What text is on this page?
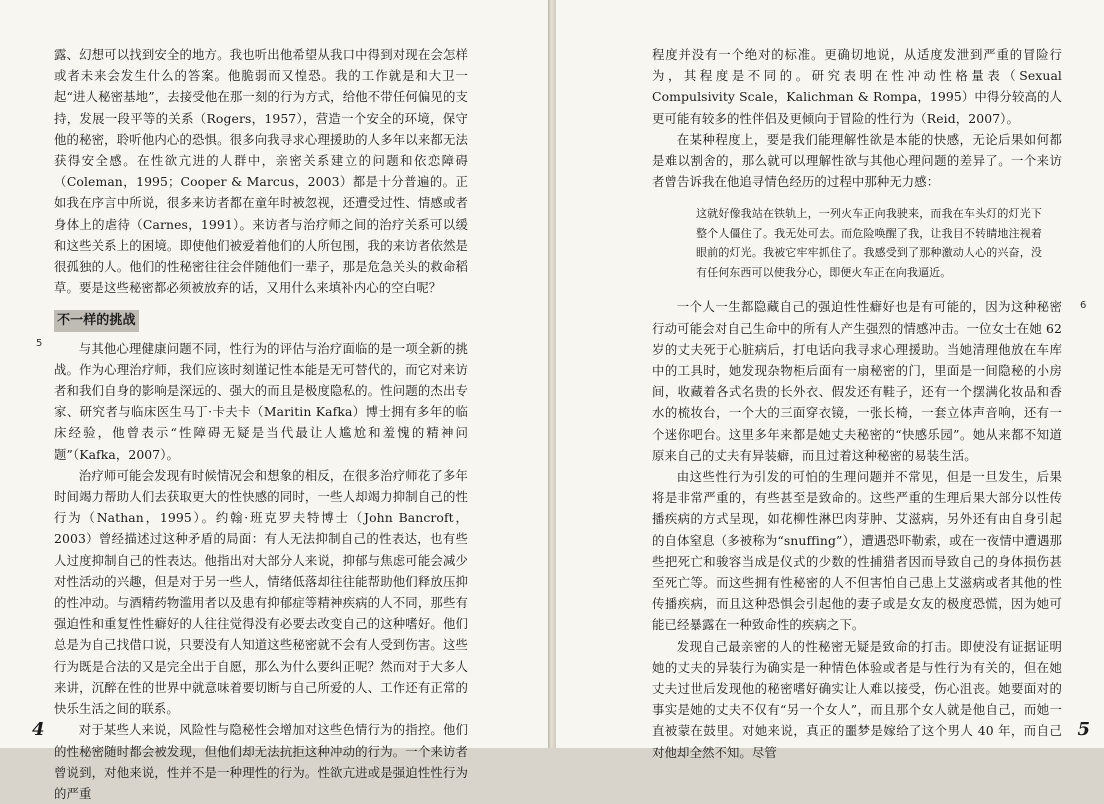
露、幻想可以找到安全的地方。我也听出他希望从我口中得到对现在会怎样或者未来会发生什么的答案。他脆弱而又惶恐。我的工作就是和大卫一起“进人秘密基地”，去接受他在那一刻的行为方式，给他不带任何偏见的支持，发展一段平等的关系（Rogers，1957），营造一个安全的环境，保守他的秘密，聆听他内心的恐惧。很多向我寻求心理援助的人多年以来都无法获得安全感。在性欲亢进的人群中，亲密关系建立的问题和依恋障碍（Coleman，1995；Cooper & Marcus，2003）都是十分普遍的。正如我在序言中所说，很多来访者都在童年时被忽视，还遭受过性、情感或者身体上的虐待（Carnes，1991）。来访者与治疗师之间的治疗关系可以缓和这些关系上的困境。即使他们被爱着他们的人所包围，我的来访者依然是很孤独的人。他们的性秘密往往会伴随他们一辈子，那是危急关头的救命稻草。要是这些秘密都必须被放弃的话，又用什么来填补内心的空白呢？

不一样的挑战

与其他心理健康问题不同，性行为的评估与治疗面临的是一项全新的挑战。作为心理治疗师，我们应该时刻谨记性本能是无可替代的，而它对来访者和我们自身的影响是深远的、强大的而且是极度隐私的。性问题的杰出专家、研究者与临床医生马丁·卡夫卡（Maritin Kafka）博士拥有多年的临床经验，他曾表示“性障碍无疑是当代最让人尴尬和羞愧的精神问题”（Kafka，2007）。

治疗师可能会发现有时候情况会和想象的相反，在很多治疗师花了多年时间竭力帮助人们去获取更大的性快感的同时，一些人却竭力抑制自己的性行为（Nathan，1995）。约翰·班克罗夫特博士（John Bancroft，2003）曾经描述过这种矛盾的局面：有人无法抑制自己的性表达，也有些人过度抑制自己的性表达。他指出对大部分人来说，抑郁与焦虑可能会减少对性活动的兴趣，但是对于另一些人，情绪低落却往往能帮助他们释放压抑的性冲动。与酒精药物滥用者以及患有抑郁症等精神疾病的人不同，那些有强迫性和重复性性癖好的人往往觉得没有必要去改变自己的这种嗜好。他们总是为自己找借口说，只要没有人知道这些秘密就不会有人受到伤害。这些行为既是合法的又是完全出于自愿，那么为什么要纠正呢？然而对于大多人来讲，沉醉在性的世界中就意味着要切断与自己所爱的人、工作还有正常的快乐生活之间的联系。

对于某些人来说，风险性与隐秘性会增加对这些色情行为的指控。他们的性秘密随时都会被发现，但他们却无法抗拒这种冲动的行为。一个来访者曾说到，对他来说，性并不是一种理性的行为。性欲亢进或是强迫性性行为的严重

5
4

程度并没有一个绝对的标准。更确切地说，从适度发泄到严重的冒险行为，其程度是不同的。研究表明在性冲动性格量表（Sexual Compulsivity Scale，Kalichman & Rompa，1995）中得分较高的人更可能有较多的性伴侣及更倾向于冒险的性行为（Reid，2007）。

在某种程度上，要是我们能理解性欲是本能的快感，无论后果如何都是难以割舍的，那么就可以理解性欲与其他心理问题的差异了。一个来访者曾告诉我在他追寻情色经历的过程中那种无力感：

这就好像我站在铁轨上，一列火车正向我驶来，而我在车头灯的灯光下整个人僵住了。我无处可去。而危险唤醒了我，让我目不转睛地注视着眼前的灯光。我被它牢牢抓住了。我感受到了那种激动人心的兴奋，没有任何东西可以使我分心，即便火车正在向我逼近。

一个人一生都隐藏自己的强迫性性癖好也是有可能的，因为这种秘密行动可能会对自己生命中的所有人产生强烈的情感冲击。一位女士在她 62 岁的丈夫死于心脏病后，打电话向我寻求心理援助。当她清理他放在车库中的工具时，她发现杂物柜后面有一扇秘密的门，里面是一间隐秘的小房间，收藏着各式名贵的长外衣、假发还有鞋子，还有一个摆满化妆品和香水的梳妆台，一个大的三面穿衣镜，一张长椅，一套立体声音响，还有一个迷你吧台。这里多年来都是她丈夫秘密的“快感乐园”。她从来都不知道原来自己的丈夫有异装癖，而且过着这种秘密的易装生活。

由这些性行为引发的可怕的生理问题并不常见，但是一旦发生，后果将是非常严重的，有些甚至是致命的。这些严重的生理后果大部分以性传播疾病的方式呈现，如花柳性淋巴肉芽肿、艾滋病，另外还有由自身引起的自体窒息（多被称为“snuffing”），遭遇恐吓勒索，或在一夜情中遭遇那些把死亡和骏容当成是仪式的少数的性捕猎者因而导致自己的身体损伤甚至死亡等。而这些拥有性秘密的人不但害怕自己患上艾滋病或者其他的性传播疾病，而且这种恐惧会引起他的妻子或是女友的极度恐慌，因为她可能已经暴露在一种致命性的疾病之下。

发现自己最亲密的人的性秘密无疑是致命的打击。即使没有证据证明她的丈夫的异装行为确实是一种情色体验或者是与性行为有关的，但在她丈夫过世后发现他的秘密嗜好确实让人难以接受，伤心沮丧。她要面对的事实是她的丈夫不仅有“另一个女人”，而且那个女人就是他自己，而她一直被蒙在鼓里。对她来说，真正的噩梦是嫁给了这个男人 40 年，而自己对他却全然不知。尽管

6
5
